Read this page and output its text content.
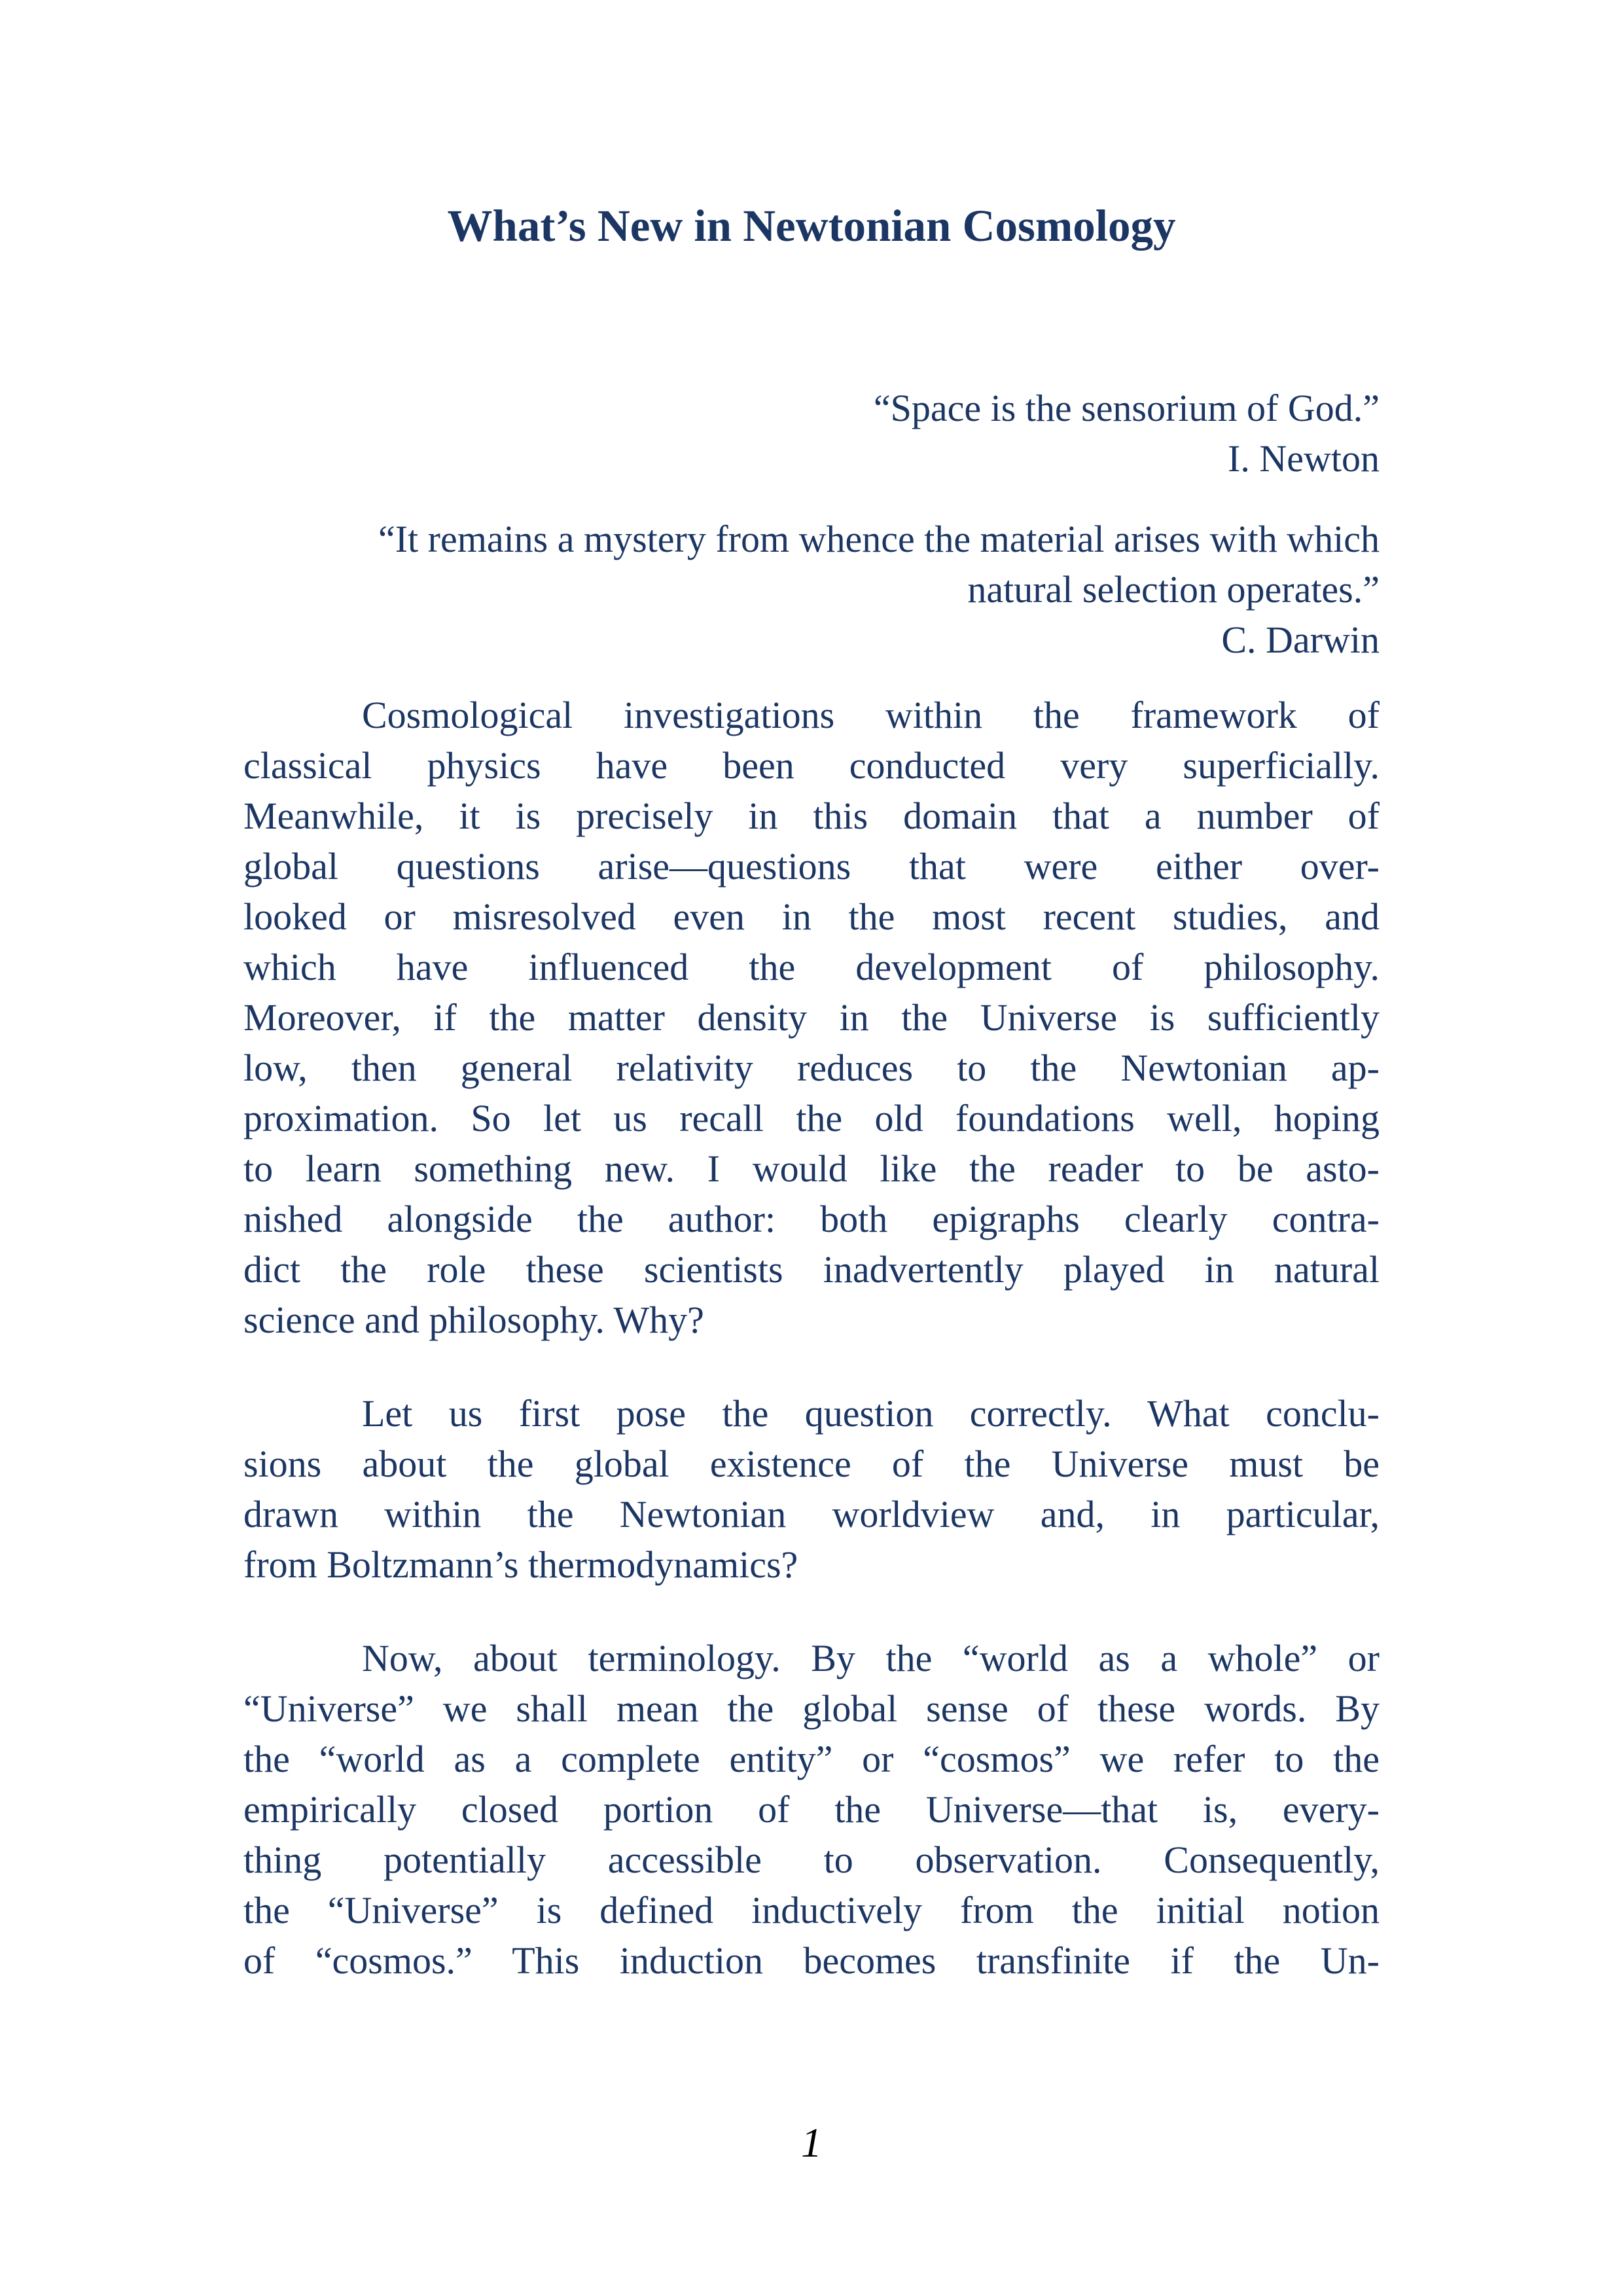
What’s New in Newtonian Cosmology
“Space is the sensorium of God.”
I. Newton
“It remains a mystery from whence the material arises with which
natural selection operates.”
C. Darwin
Cosmological investigations within the framework of
classical physics have been conducted very superficially.
Meanwhile, it is precisely in this domain that a number of
global questions arise—questions that were either over-
looked or misresolved even in the most recent studies, and
which have influenced the development of philosophy.
Moreover, if the matter density in the Universe is sufficiently
low, then general relativity reduces to the Newtonian ap-
proximation. So let us recall the old foundations well, hoping
to learn something new. I would like the reader to be asto-
nished alongside the author: both epigraphs clearly contra-
dict the role these scientists inadvertently played in natural
science and philosophy. Why?
Let us first pose the question correctly. What conclu-
sions about the global existence of the Universe must be
drawn within the Newtonian worldview and, in particular,
from Boltzmann’s thermodynamics?
Now, about terminology. By the “world as a whole” or
“Universe” we shall mean the global sense of these words. By
the “world as a complete entity” or “cosmos” we refer to the
empirically closed portion of the Universe—that is, every-
thing potentially accessible to observation. Consequently,
the “Universe” is defined inductively from the initial notion
of “cosmos.” This induction becomes transfinite if the Un-
1
